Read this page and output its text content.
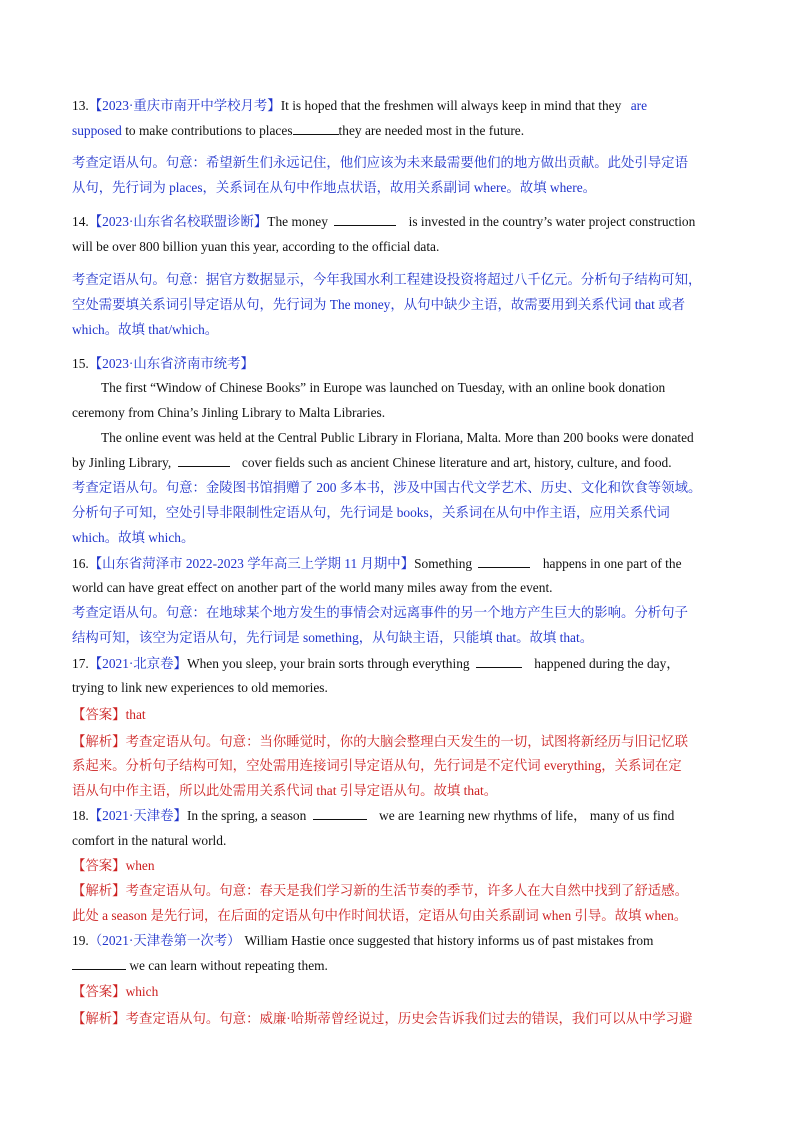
13.【2023·重庆市南开中学校月考】It is hoped that the freshmen will always keep in mind that they are
supposed to make contributions to places	they are needed most in the future.
考查定语从句。句意：希望新生们永远记住，他们应该为未来最需要他们的地方做出贡献。此处引导定语
从句，先行词为 places，关系词在从句中作地点状语，故用关系副词 where。故填 where。
14.【2023·山东省名校联盟诊断】The money	is invested in the country’s water project construction
will be over 800 billion yuan this year, according to the official data.
考查定语从句。句意：据官方数据显示，今年我国水利工程建设投资将超过八千亿元。分析句子结构可知，
空处需要填关系词引导定语从句，先行词为 The money，从句中缺少主语，故需要用到关系代词 that 或者
which。故填 that/which。
15.【2023·山东省济南市统考】
The first “Window of Chinese Books” in Europe was launched on Tuesday, with an online book donation
ceremony from China’s Jinling Library to Malta Libraries.
The online event was held at the Central Public Library in Floriana, Malta. More than 200 books were donated
by Jinling Library,	cover fields such as ancient Chinese literature and art, history, culture, and food.
考查定语从句。句意：金陵图书馆捐赠了 200 多本书，涉及中国古代文学艺术、历史、文化和饮食等领域。
分析句子可知，空处引导非限制性定语从句，先行词是 books，关系词在从句中作主语，应用关系代词
which。故填 which。
16.【山东省菏泽市 2022-2023 学年高三上学期 11 月期中】Something	happens in one part of the
world can have great effect on another part of the world many miles away from the event.
考查定语从句。句意：在地球某个地方发生的事情会对远离事件的另一个地方产生巨大的影响。分析句子
结构可知，该空为定语从句，先行词是 something，从句缺主语，只能填 that。故填 that。
17.【2021·北京卷】When you sleep, your brain sorts through everything	happened during the day，
trying to link new experiences to old memories.
【答案】that
【解析】考查定语从句。句意：当你睡觉时，你的大脑会整理白天发生的一切，试图将新经历与旧记忆联
系起来。分析句子结构可知，空处需用连接词引导定语从句，先行词是不定代词 everything，关系词在定
语从句中作主语，所以此处需用关系代词 that 引导定语从句。故填 that。
18.【2021·天津卷】In the spring, a season	we are 1earning new rhythms of life， many of us find
comfort in the natural world.
【答案】when
【解析】考查定语从句。句意：春天是我们学习新的生活节奏的季节，许多人在大自然中找到了舒适感。
此处 a season 是先行词，在后面的定语从句中作时间状语，定语从句由关系副词 when 引导。故填 when。
19.（2021·天津卷第一次考） William Hastie once suggested that history informs us of past mistakes from
we can learn without repeating them.
【答案】which
【解析】考查定语从句。句意：威廉·哈斯蒂曾经说过，历史会告诉我们过去的错误，我们可以从中学习避
